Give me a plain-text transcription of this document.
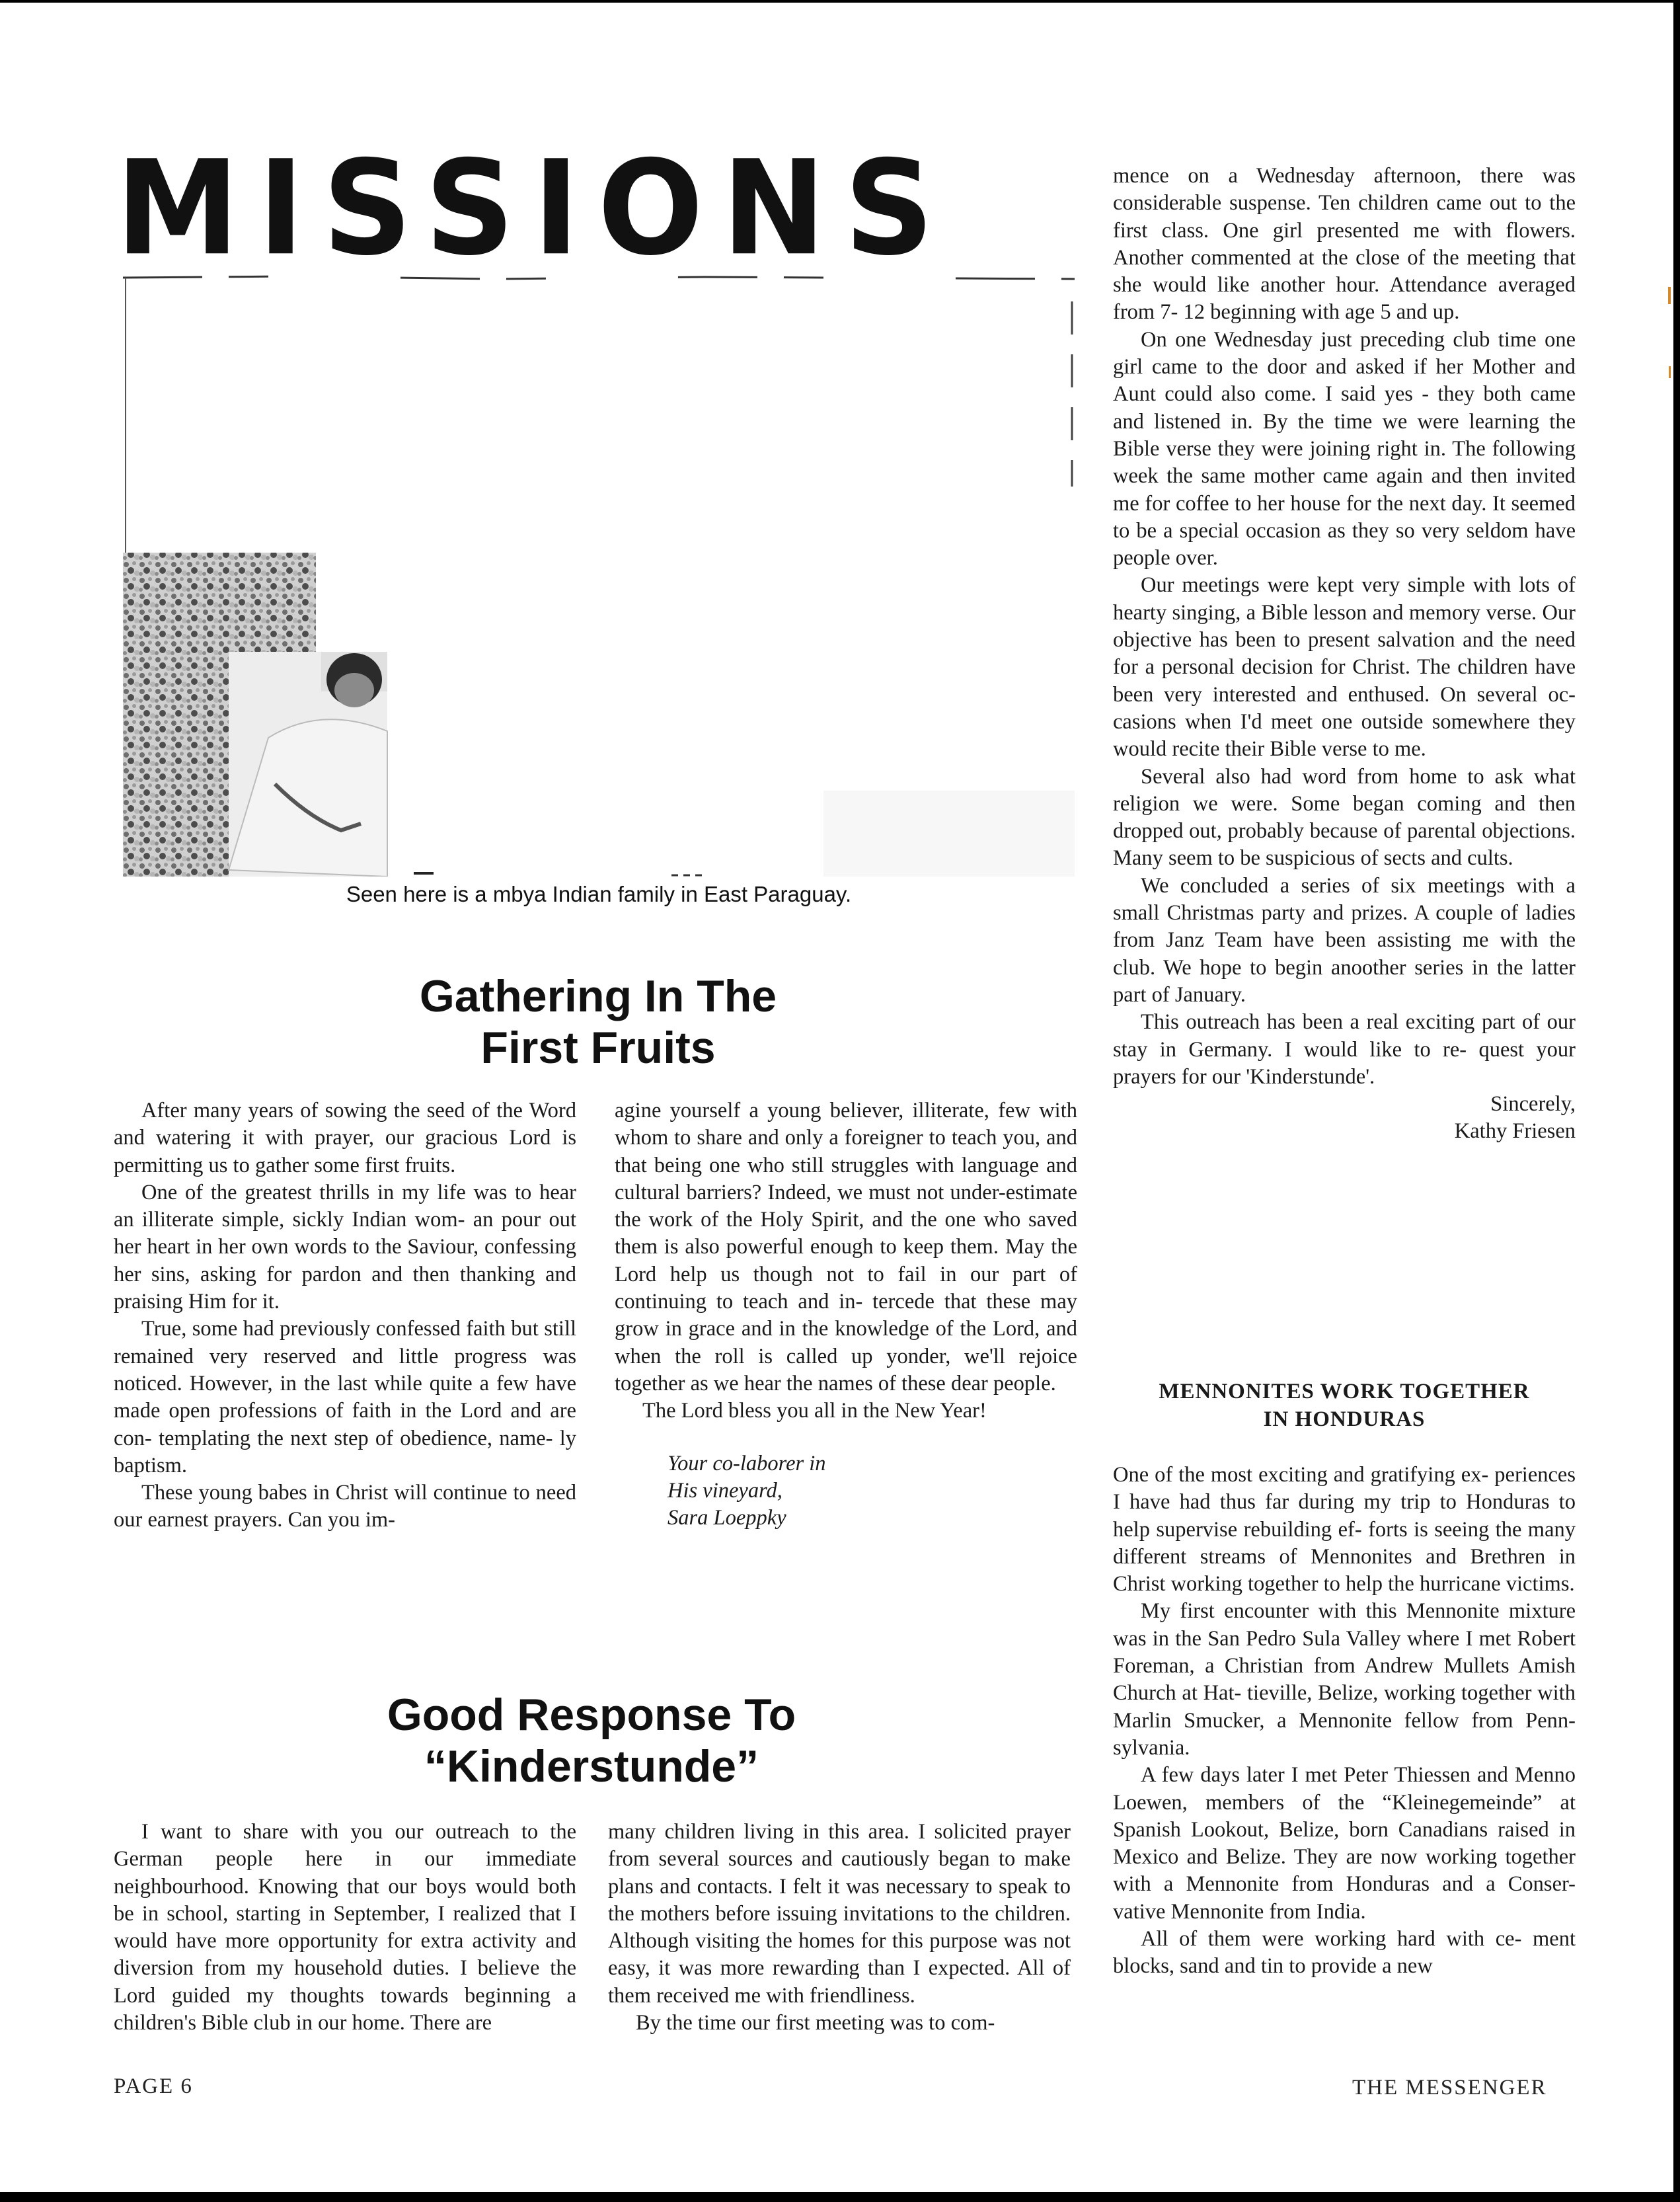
MISSIONS
Seen here is a mbya Indian family in East Paraguay.
Gathering In The
First Fruits

After many years of sowing the seed of the Word and watering it with prayer, our gracious Lord is permitting us to gather some first fruits.

One of the greatest thrills in my life was to hear an illiterate simple, sickly Indian wom- an pour out her heart in her own words to the Saviour, confessing her sins, asking for pardon and then thanking and praising Him for it.

True, some had previously confessed faith but still remained very reserved and little progress was noticed. However, in the last while quite a few have made open professions of faith in the Lord and are con- templating the next step of obedience, name- ly baptism.

These young babes in Christ will continue to need our earnest prayers. Can you im-

agine yourself a young believer, illiterate, few with whom to share and only a foreigner to teach you, and that being one who still struggles with language and cultural barriers? Indeed, we must not under-estimate the work of the Holy Spirit, and the one who saved them is also powerful enough to keep them. May the Lord help us though not to fail in our part of continuing to teach and in- tercede that these may grow in grace and in the knowledge of the Lord, and when the roll is called up yonder, we'll rejoice together as we hear the names of these dear people.

The Lord bless you all in the New Year!

Your co-laborer in

His vineyard,

Sara Loeppky

Good Response To
“Kinderstunde”

I want to share with you our outreach to the German people here in our immediate neighbourhood. Knowing that our boys would both be in school, starting in September, I realized that I would have more opportunity for extra activity and diversion from my household duties. I believe the Lord guided my thoughts towards beginning a children's Bible club in our home. There are

many children living in this area. I solicited prayer from several sources and cautiously began to make plans and contacts. I felt it was necessary to speak to the mothers before issuing invitations to the children. Although visiting the homes for this purpose was not easy, it was more rewarding than I expected. All of them received me with friendliness.

By the time our first meeting was to com-

mence on a Wednesday afternoon, there was considerable suspense. Ten children came out to the first class. One girl presented me with flowers. Another commented at the close of the meeting that she would like another hour. Attendance averaged from 7- 12 beginning with age 5 and up.

On one Wednesday just preceding club time one girl came to the door and asked if her Mother and Aunt could also come. I said yes - they both came and listened in. By the time we were learning the Bible verse they were joining right in. The following week the same mother came again and then invited me for coffee to her house for the next day. It seemed to be a special occasion as they so very seldom have people over.

Our meetings were kept very simple with lots of hearty singing, a Bible lesson and memory verse. Our objective has been to present salvation and the need for a personal decision for Christ. The children have been very interested and enthused. On several oc- casions when I'd meet one outside somewhere they would recite their Bible verse to me.

Several also had word from home to ask what religion we were. Some began coming and then dropped out, probably because of parental objections. Many seem to be suspicious of sects and cults.

We concluded a series of six meetings with a small Christmas party and prizes. A couple of ladies from Janz Team have been assisting me with the club. We hope to begin anoother series in the latter part of January.

This outreach has been a real exciting part of our stay in Germany. I would like to re- quest your prayers for our 'Kinderstunde'.

Sincerely,

Kathy Friesen

MENNONITES WORK TOGETHER
IN HONDURAS

One of the most exciting and gratifying ex- periences I have had thus far during my trip to Honduras to help supervise rebuilding ef- forts is seeing the many different streams of Mennonites and Brethren in Christ working together to help the hurricane victims.

My first encounter with this Mennonite mixture was in the San Pedro Sula Valley where I met Robert Foreman, a Christian from Andrew Mullets Amish Church at Hat- tieville, Belize, working together with Marlin Smucker, a Mennonite fellow from Penn- sylvania.

A few days later I met Peter Thiessen and Menno Loewen, members of the “Kleinegemeinde” at Spanish Lookout, Belize, born Canadians raised in Mexico and Belize. They are now working together with a Mennonite from Honduras and a Conser- vative Mennonite from India.

All of them were working hard with ce- ment blocks, sand and tin to provide a new

PAGE 6	THE MESSENGER
